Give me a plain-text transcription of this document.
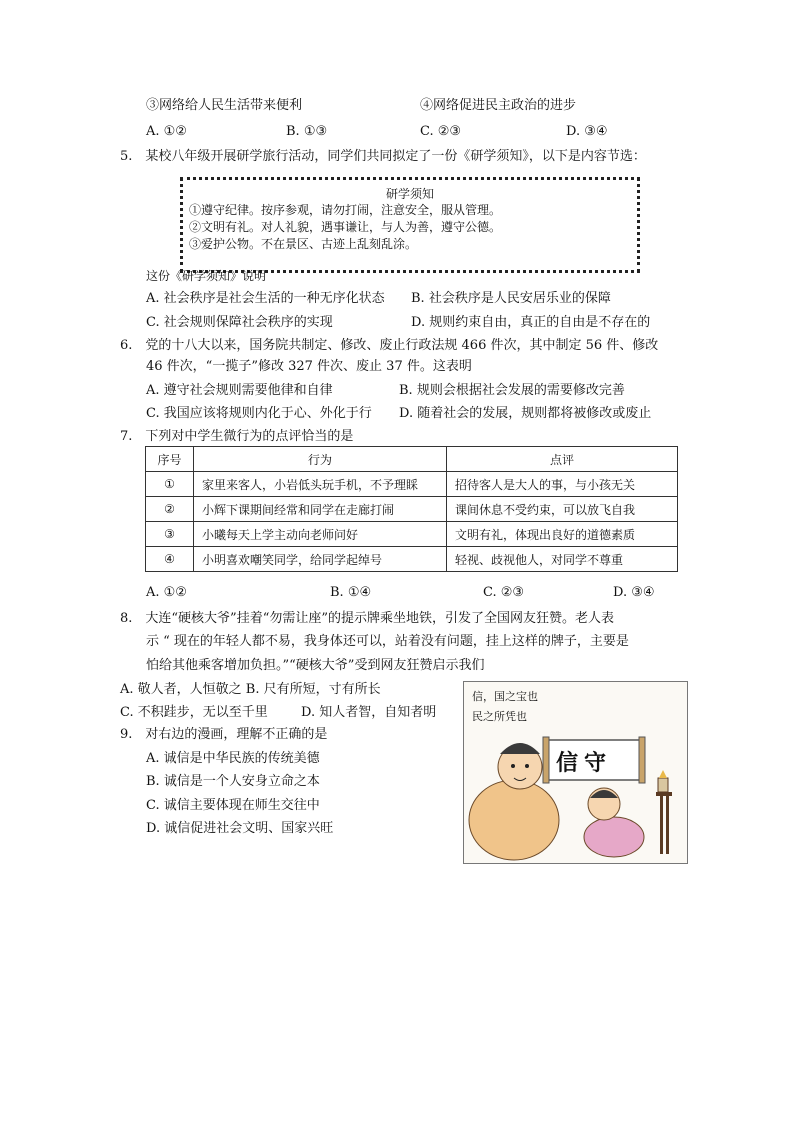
③网络给人民生活带来便利	④网络促进民主政治的进步
A. ①②	B. ①③	C. ②③	D. ③④
5.　某校八年级开展研学旅行活动，同学们共同拟定了一份《研学须知》，以下是内容节选：
研学须知
①遵守纪律。按序参观，请勿打闹，注意安全，服从管理。
②文明有礼。对人礼貌，遇事谦让，与人为善，遵守公德。
③爱护公物。不在景区、古迹上乱刻乱涂。
这份《研学须知》说明
A. 社会秩序是社会生活的一种无序化状态 B. 社会秩序是人民安居乐业的保障
C. 社会规则保障社会秩序的实现	D. 规则约束自由，真正的自由是不存在的
6.　党的十八大以来，国务院共制定、修改、废止行政法规 466 件次，其中制定 56 件、修改
46 件次，“一揽子”修改 327 件次、废止 37 件。这表明
A. 遵守社会规则需要他律和自律	B. 规则会根据社会发展的需要修改完善
C. 我国应该将规则内化于心、外化于行 D. 随着社会的发展，规则都将被修改或废止
7.　下列对中学生微行为的点评恰当的是
序号	行为	点评
①	家里来客人，小岩低头玩手机，不予理睬	招待客人是大人的事，与小孩无关
②	小辉下课期间经常和同学在走廊打闹	课间休息不受约束，可以放飞自我
③	小曦每天上学主动向老师问好	文明有礼，体现出良好的道德素质
④	小明喜欢嘲笑同学，给同学起绰号	轻视、歧视他人，对同学不尊重
A. ①②	B. ①④	C. ②③	D. ③④
8.　大连“硬核大爷”挂着“勿需让座”的提示牌乘坐地铁，引发了全国网友狂赞。老人表
示 “ 现在的年轻人都不易，我身体还可以，站着没有问题，挂上这样的牌子，主要是
怕给其他乘客增加负担。”“硬核大爷”受到网友狂赞启示我们
A. 敬人者，人恒敬之 B. 尺有所短，寸有所长
C. 不积跬步，无以至千里	D. 知人者智，自知者明
9.　对右边的漫画，理解不正确的是
A. 诚信是中华民族的传统美德
B. 诚信是一个人安身立命之本
C. 诚信主要体现在师生交往中
D. 诚信促进社会文明、国家兴旺
信，国之宝也
民之所凭也
信守
